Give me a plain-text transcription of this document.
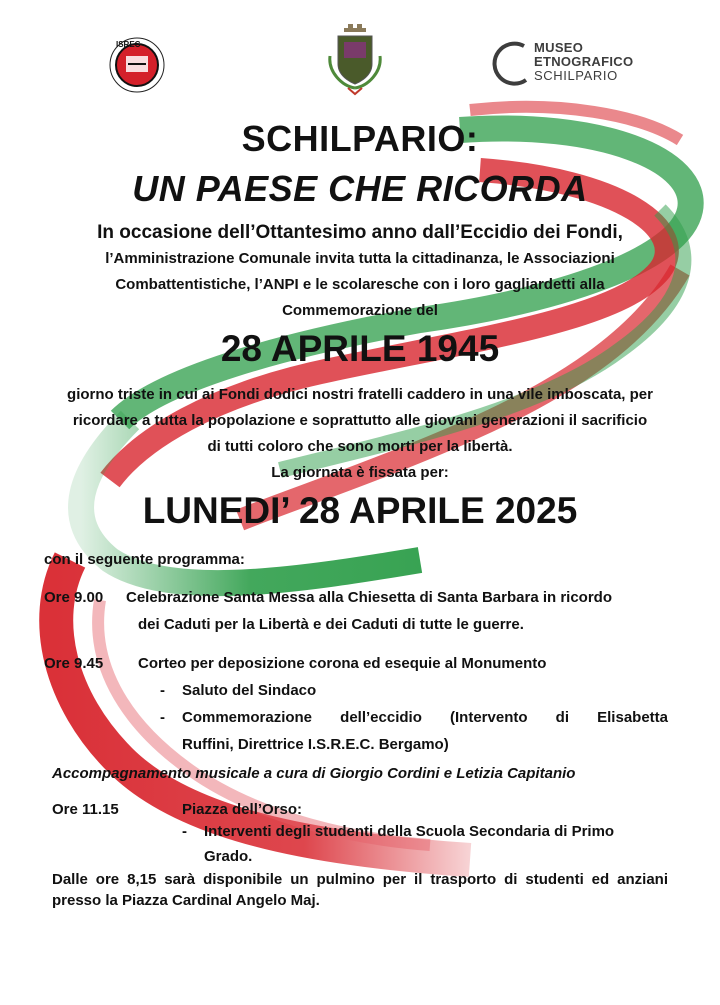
ISREC	MUSEO
ETNOGRAFICO
SCHILPARIO
SCHILPARIO:
UN PAESE CHE RICORDA
In occasione dell’Ottantesimo anno dall’Eccidio dei Fondi,
l’Amministrazione Comunale invita tutta la cittadinanza, le Associazioni
Combattentistiche, l’ANPI e le scolaresche con i loro gagliardetti alla
Commemorazione del
28 APRILE 1945
giorno triste in cui ai Fondi dodici nostri fratelli caddero in una vile imboscata, per
ricordare a tutta la popolazione e soprattutto alle giovani generazioni il sacrificio
di tutti coloro che sono morti per la libertà.
La giornata è fissata per:
LUNEDI’ 28 APRILE 2025
con il seguente programma:
Ore 9.00 Celebrazione Santa Messa alla Chiesetta di Santa Barbara in ricordo
dei Caduti per la Libertà e dei Caduti di tutte le guerre.
Ore 9.45 Corteo per deposizione corona ed esequie al Monumento
- Saluto del Sindaco
- Commemorazione dell’eccidio (Intervento di Elisabetta
Ruffini, Direttrice I.S.R.E.C. Bergamo)
Accompagnamento musicale a cura di Giorgio Cordini e Letizia Capitanio
Ore 11.15	Piazza dell’Orso:
- Interventi degli studenti della Scuola Secondaria di Primo
Grado.
Dalle ore 8,15 sarà disponibile un pulmino per il trasporto di studenti ed anziani
presso la Piazza Cardinal Angelo Maj.
